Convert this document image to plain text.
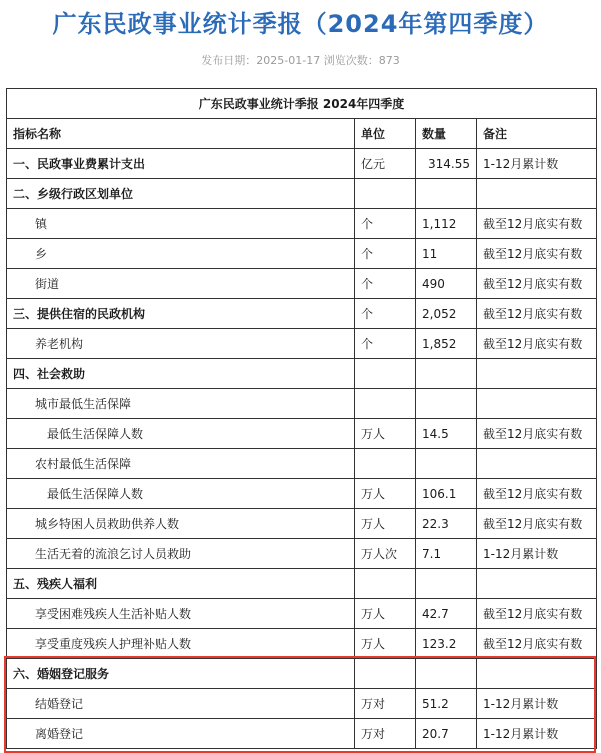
广东民政事业统计季报（2024年第四季度）
发布日期：2025-01-17 浏览次数：873
广东民政事业统计季报 2024年四季度			
指标名称	单位	数量	备注
一、民政事业费累计支出	亿元	314.55	1-12月累计数
二、乡级行政区划单位			
镇	个	1,112	截至12月底实有数
乡	个	11	截至12月底实有数
街道	个	490	截至12月底实有数
三、提供住宿的民政机构	个	2,052	截至12月底实有数
养老机构	个	1,852	截至12月底实有数
四、社会救助			
城市最低生活保障			
最低生活保障人数	万人	14.5	截至12月底实有数
农村最低生活保障			
最低生活保障人数	万人	106.1	截至12月底实有数
城乡特困人员救助供养人数	万人	22.3	截至12月底实有数
生活无着的流浪乞讨人员救助	万人次	7.1	1-12月累计数
五、残疾人福利			
享受困难残疾人生活补贴人数	万人	42.7	截至12月底实有数
享受重度残疾人护理补贴人数	万人	123.2	截至12月底实有数
六、婚姻登记服务			
结婚登记	万对	51.2	1-12月累计数
离婚登记	万对	20.7	1-12月累计数
